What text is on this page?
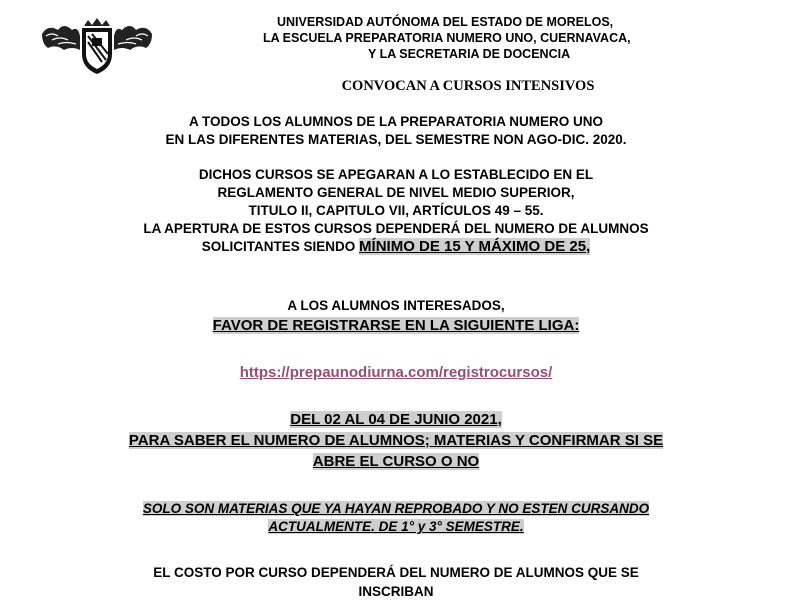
UNIVERSIDAD AUTÓNOMA DEL ESTADO DE MORELOS,
LA ESCUELA PREPARATORIA NUMERO UNO, CUERNAVACA,
Y LA SECRETARIA DE DOCENCIA
CONVOCAN A CURSOS INTENSIVOS
A TODOS LOS ALUMNOS DE LA PREPARATORIA NUMERO UNO
EN LAS DIFERENTES MATERIAS, DEL SEMESTRE NON AGO-DIC. 2020.
DICHOS CURSOS SE APEGARAN A LO ESTABLECIDO EN EL
REGLAMENTO GENERAL DE NIVEL MEDIO SUPERIOR,
TITULO II, CAPITULO VII, ARTÍCULOS 49 – 55.
LA APERTURA DE ESTOS CURSOS DEPENDERÁ DEL NUMERO DE ALUMNOS
SOLICITANTES SIENDO MÍNIMO DE 15 Y MÁXIMO DE 25,
A LOS ALUMNOS INTERESADOS,
FAVOR DE REGISTRARSE EN LA SIGUIENTE LIGA:
https://prepaunodiurna.com/registrocursos/
DEL 02 AL 04 DE JUNIO 2021,
PARA SABER EL NUMERO DE ALUMNOS; MATERIAS Y CONFIRMAR SI SE
ABRE EL CURSO O NO
SOLO SON MATERIAS QUE YA HAYAN REPROBADO Y NO ESTEN CURSANDO
ACTUALMENTE. DE 1° y 3° SEMESTRE.
EL COSTO POR CURSO DEPENDERÁ DEL NUMERO DE ALUMNOS QUE SE
INSCRIBAN
